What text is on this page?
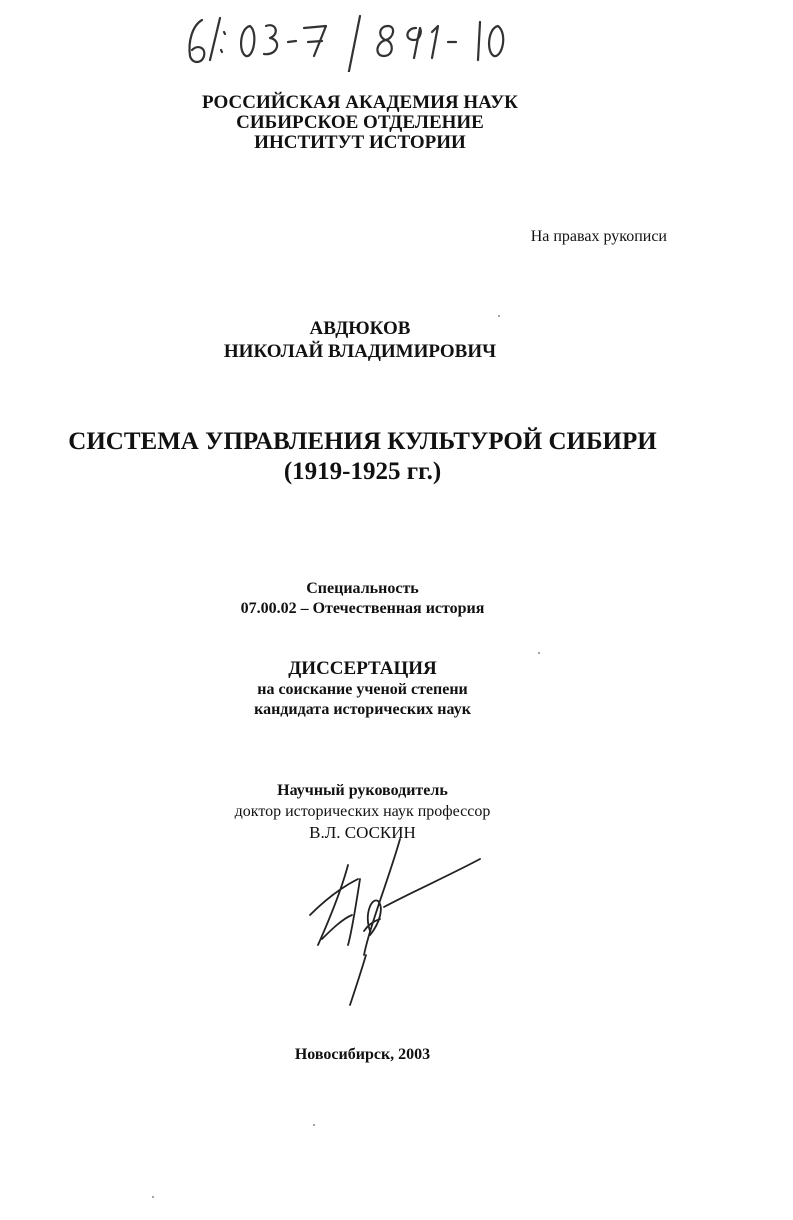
РОССИЙСКАЯ АКАДЕМИЯ НАУК
СИБИРСКОЕ ОТДЕЛЕНИЕ
ИНСТИТУТ ИСТОРИИ
На правах рукописи
АВДЮКОВ
НИКОЛАЙ ВЛАДИМИРОВИЧ
СИСТЕМА УПРАВЛЕНИЯ КУЛЬТУРОЙ СИБИРИ
(1919-1925 гг.)
Специальность
07.00.02 – Отечественная история
ДИССЕРТАЦИЯ
на соискание ученой степени
кандидата исторических наук
Научный руководитель
доктор исторических наук профессор
В.Л. СОСКИН
Новосибирск, 2003
